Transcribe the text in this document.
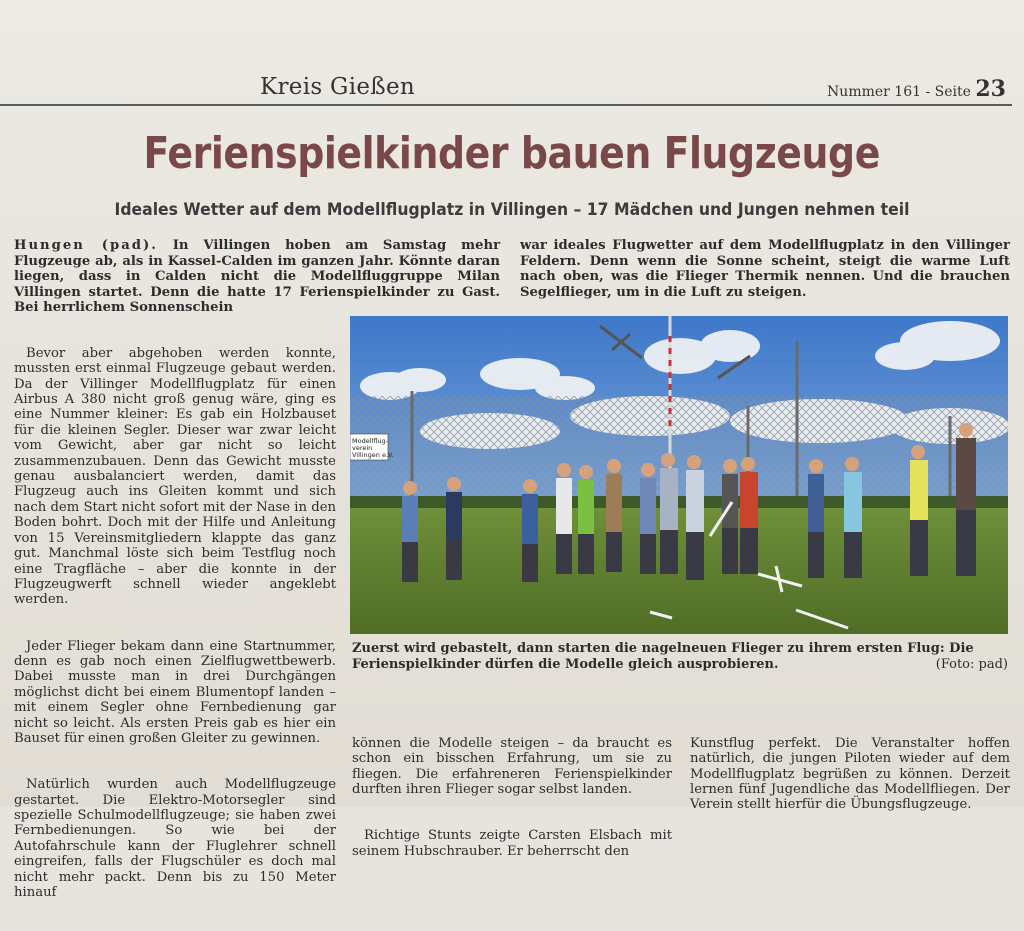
Kreis Gießen	Nummer 161 - Seite 23
Ferienspielkinder bauen Flugzeuge
Ideales Wetter auf dem Modellflugplatz in Villingen – 17 Mädchen und Jungen nehmen teil
Hungen (pad). In Villingen hoben am Samstag mehr Flugzeuge ab, als in Kassel-Calden im ganzen Jahr. Könnte daran liegen, dass in Calden nicht die Modellfluggruppe Milan Villingen startet. Denn die hatte 17 Ferienspielkinder zu Gast. Bei herrlichem Sonnenschein
war ideales Flugwetter auf dem Modellflugplatz in den Villinger Feldern. Denn wenn die Sonne scheint, steigt die warme Luft nach oben, was die Flieger Thermik nennen. Und die brauchen Segelflieger, um in die Luft zu steigen.

Bevor aber abgehoben werden konnte, mussten erst einmal Flugzeuge gebaut werden. Da der Villinger Modellflugplatz für einen Airbus A 380 nicht groß genug wäre, ging es eine Nummer kleiner: Es gab ein Holzbauset für die kleinen Segler. Dieser war zwar leicht vom Gewicht, aber gar nicht so leicht zusammenzubauen. Denn das Gewicht musste genau ausbalanciert werden, damit das Flugzeug auch ins Gleiten kommt und sich nach dem Start nicht sofort mit der Nase in den Boden bohrt. Doch mit der Hilfe und Anleitung von 15 Vereinsmitgliedern klappte das ganz gut. Manchmal löste sich beim Testflug noch eine Tragfläche – aber die konnte in der Flugzeugwerft schnell wieder angeklebt werden.

Jeder Flieger bekam dann eine Startnummer, denn es gab noch einen Zielflugwettbewerb. Dabei musste man in drei Durchgängen möglichst dicht bei einem Blumentopf landen – mit einem Segler ohne Fernbedienung gar nicht so leicht. Als ersten Preis gab es hier ein Bauset für einen großen Gleiter zu gewinnen.

Natürlich wurden auch Modellflugzeuge gestartet. Die Elektro-Motorsegler sind spezielle Schulmodellflugzeuge; sie haben zwei Fernbedienungen. So wie bei der Autofahrschule kann der Fluglehrer schnell eingreifen, falls der Flugschüler es doch mal nicht mehr packt. Denn bis zu 150 Meter hinauf

Modellflug-
verein
Villingen e.V.
Zuerst wird gebastelt, dann starten die nagelneuen Flieger zu ihrem ersten Flug: Die Ferienspielkinder dürfen die Modelle gleich ausprobieren.	(Foto: pad)

können die Modelle steigen – da braucht es schon ein bisschen Erfahrung, um sie zu fliegen. Die erfahreneren Ferienspielkinder durften ihren Flieger sogar selbst landen.

Richtige Stunts zeigte Carsten Elsbach mit seinem Hubschrauber. Er beherrscht den

Kunstflug perfekt. Die Veranstalter hoffen natürlich, die jungen Piloten wieder auf dem Modellflugplatz begrüßen zu können. Derzeit lernen fünf Jugendliche das Modellfliegen. Der Verein stellt hierfür die Übungsflugzeuge.
